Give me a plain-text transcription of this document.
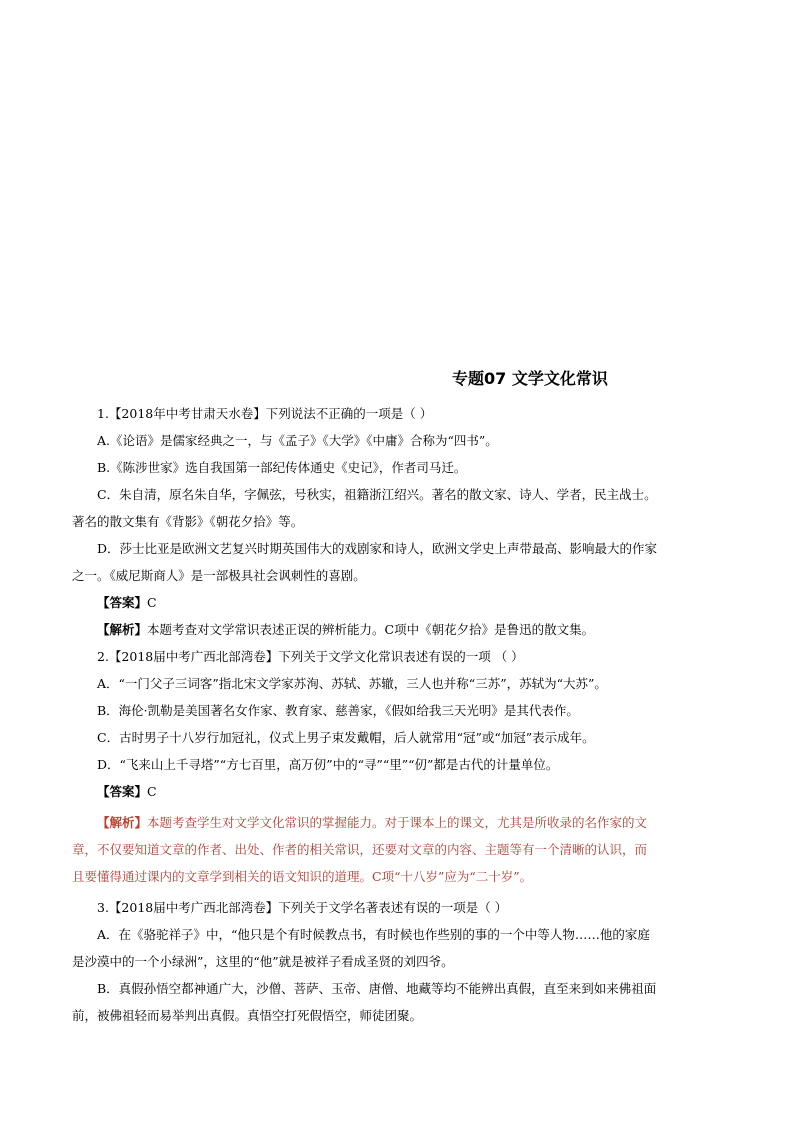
专题07 文学文化常识

1.【2018年中考甘肃天水卷】下列说法不正确的一项是（ ）

A.《论语》是儒家经典之一，与《孟子》《大学》《中庸》合称为“四书”。

B.《陈涉世家》选自我国第一部纪传体通史《史记》，作者司马迁。

C．朱自清，原名朱自华，字佩弦，号秋实，祖籍浙江绍兴。著名的散文家、诗人、学者，民主战士。

著名的散文集有《背影》《朝花夕拾》等。

D．莎士比亚是欧洲文艺复兴时期英国伟大的戏剧家和诗人，欧洲文学史上声带最高、影响最大的作家

之一。《威尼斯商人》是一部极具社会讽刺性的喜剧。

【答案】C

【解析】本题考查对文学常识表述正误的辨析能力。C项中《朝花夕拾》是鲁迅的散文集。

2.【2018届中考广西北部湾卷】下列关于文学文化常识表述有误的一项 （ ）

A．“一门父子三词客”指北宋文学家苏洵、苏轼、苏辙，三人也并称“三苏”，苏轼为“大苏”。

B．海伦·凯勒是美国著名女作家、教育家、慈善家，《假如给我三天光明》是其代表作。

C．古时男子十八岁行加冠礼，仪式上男子束发戴帽，后人就常用“冠”或“加冠”表示成年。

D．“飞来山上千寻塔”“方七百里，高万仞”中的“寻”“里”“仞”都是古代的计量单位。

【答案】C

【解析】本题考查学生对文学文化常识的掌握能力。对于课本上的课文，尤其是所收录的名作家的文

章，不仅要知道文章的作者、出处、作者的相关常识，还要对文章的内容、主题等有一个清晰的认识，而

且要懂得通过课内的文章学到相关的语文知识的道理。C项“十八岁”应为“二十岁”。

3.【2018届中考广西北部湾卷】下列关于文学名著表述有误的一项是（ ）

A．在《骆驼祥子》中，“他只是个有时候教点书，有时候也作些别的事的一个中等人物……他的家庭

是沙漠中的一个小绿洲”，这里的“他”就是被祥子看成圣贤的刘四爷。

B．真假孙悟空都神通广大，沙僧、菩萨、玉帝、唐僧、地藏等均不能辨出真假，直至来到如来佛祖面

前，被佛祖轻而易举判出真假。真悟空打死假悟空，师徒团聚。
